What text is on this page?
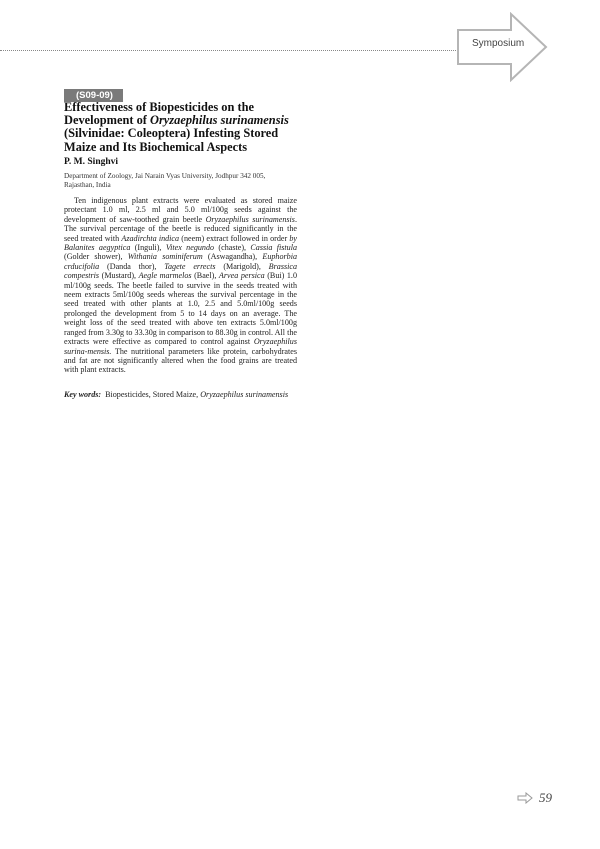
Symposium
(S09-09)
Effectiveness of Biopesticides on the Development of Oryzaephilus surinamensis (Silvinidae: Coleoptera) Infesting Stored Maize and Its Biochemical Aspects
P. M. Singhvi
Department of Zoology, Jai Narain Vyas University, Jodhpur 342 005,
Rajasthan, India

Ten indigenous plant extracts were evaluated as stored maize protectant 1.0 ml, 2.5 ml and 5.0 ml/100g seeds against the development of saw-toothed grain beetle Oryzaephilus surinamensis. The survival percentage of the beetle is reduced significantly in the seed treated with Azadirchta indica (neem) extract followed in order by Balanites aegyptica (Inguli), Vitex negundo (chaste), Cassia fistula (Golder shower), Withania sominiferum (Aswagandha), Euphorbia crducifolia (Danda thor), Tagete errects (Marigold), Brassica compestris (Mustard), Aegle marmelos (Bael), Arvea persica (Bui) 1.0 ml/100g seeds. The beetle failed to survive in the seeds treated with neem extracts 5ml/100g seeds whereas the survival percentage in the seed treated with other plants at 1.0, 2.5 and 5.0ml/100g seeds prolonged the development from 5 to 14 days on an average. The weight loss of the seed treated with above ten extracts 5.0ml/100g ranged from 3.30g to 33.30g in comparison to 88.30g in control. All the extracts were effective as compared to control against Oryzaephilus surina-mensis. The nutritional parameters like protein, carbohydrates and fat are not significantly altered when the food grains are treated with plant extracts.

Key words: Biopesticides, Stored Maize, Oryzaephilus surinamensis
59
